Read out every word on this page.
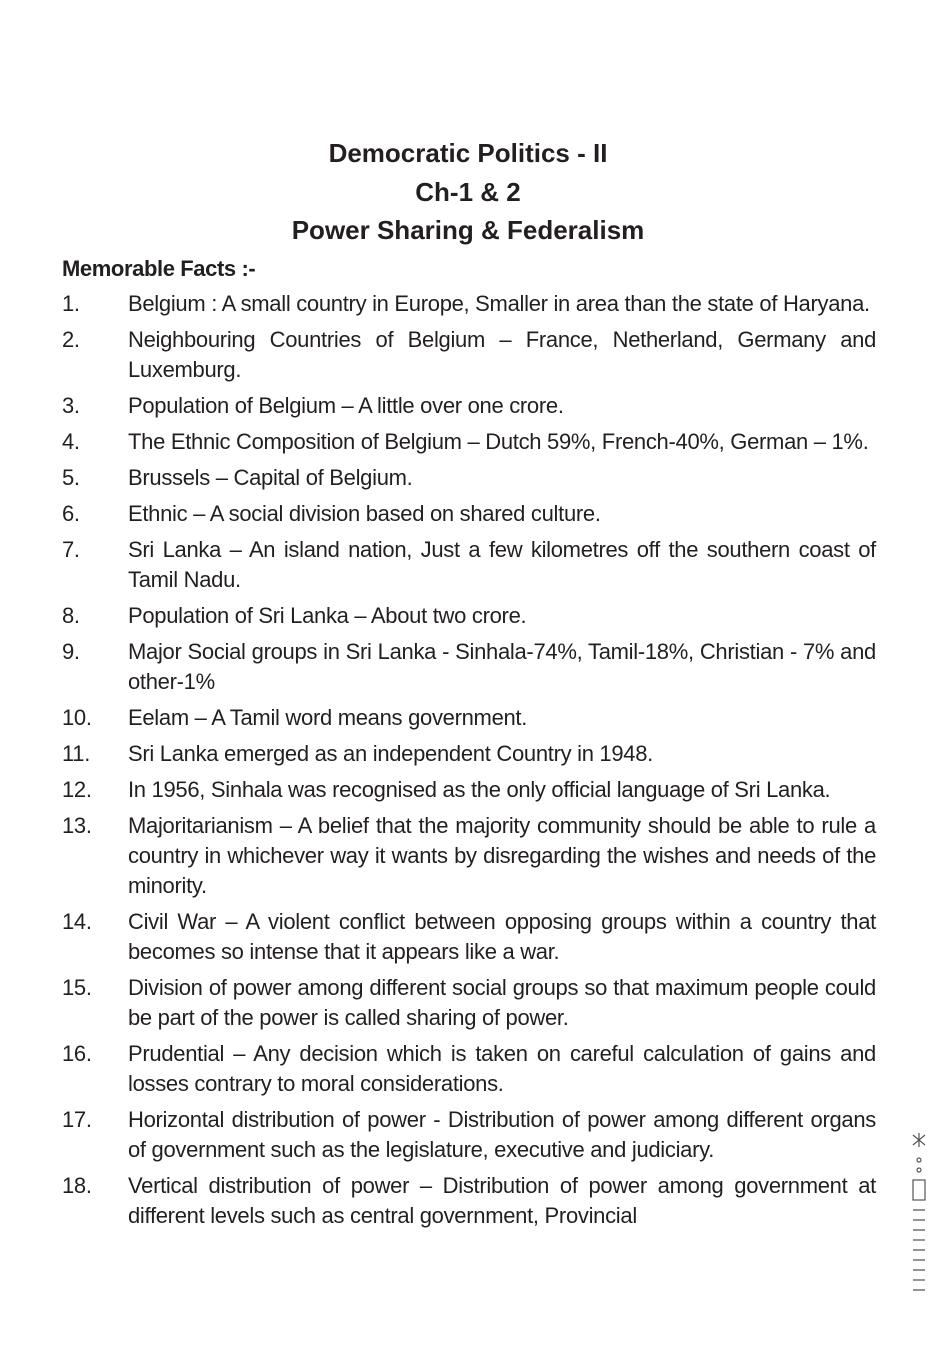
Democratic Politics - II
Ch-1 & 2
Power Sharing & Federalism
Memorable Facts :-
1.	Belgium : A small country in Europe, Smaller in area than the state of Haryana.
2.	Neighbouring Countries of Belgium – France, Netherland, Germany and Luxemburg.
3.	Population of Belgium – A little over one crore.
4.	The Ethnic Composition of Belgium – Dutch 59%, French-40%, German – 1%.
5.	Brussels – Capital of Belgium.
6.	Ethnic – A social division based on shared culture.
7.	Sri Lanka – An island nation, Just a few kilometres off the southern coast of Tamil Nadu.
8.	Population of Sri Lanka – About two crore.
9.	Major Social groups in Sri Lanka - Sinhala-74%, Tamil-18%, Christian - 7% and other-1%
10.	Eelam – A Tamil word means government.
11.	Sri Lanka emerged as an independent Country in 1948.
12.	In 1956, Sinhala was recognised as the only official language of Sri Lanka.
13.	Majoritarianism – A belief that the majority community should be able to rule a country in whichever way it wants by disregarding the wishes and needs of the minority.
14.	Civil War – A violent conflict between opposing groups within a country that becomes so intense that it appears like a war.
15.	Division of power among different social groups so that maximum people could be part of the power is called sharing of power.
16.	Prudential – Any decision which is taken on careful calculation of gains and losses contrary to moral considerations.
17.	Horizontal distribution of power - Distribution of power among different organs of government such as the legislature, executive and judiciary.
18.	Vertical distribution of power – Distribution of power among government at different levels such as central government, Provincial
